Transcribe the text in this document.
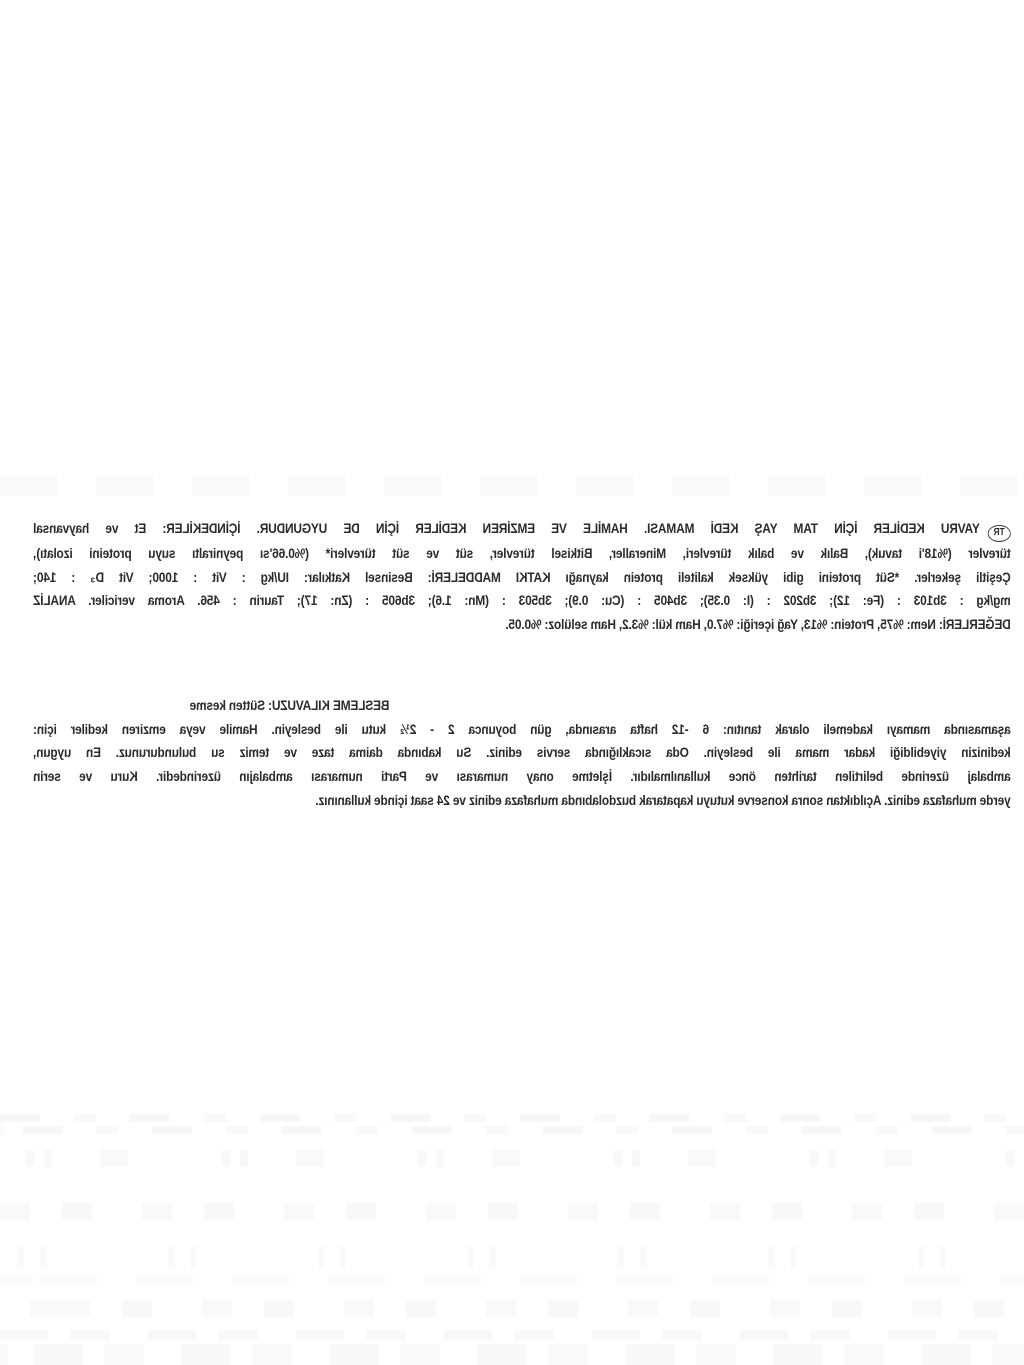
TRYAVRU KEDİLER İÇİN TAM YAŞ KEDİ MAMASI. HAMİLE VE EMZİREN KEDİLER İÇİN DE UYGUNDUR. İÇİNDEKİLER: Et ve hayvansal
türevler (%18'i tavuk), Balık ve balık türevleri, Mineraller, Bitkisel türevler, süt ve süt türevleri* (%0.66'sı peyniraltı suyu proteini izolatı),
Çeşitli şekerler. *Süt proteini gibi yüksek kaliteli protein kaynağı KATKI MADDELERİ: Besinsel Katkılar: IU/kg : Vit : 1000; Vit D₃ : 140;
mg/kg : 3b103 : (Fe: 12); 3b202 : (I: 0.35); 3b405 : (Cu: 0.9); 3b503 : (Mn: 1.6); 3b605 : (Zn: 17); Taurin : 456. Aroma vericiler. ANALİZ
DEĞERLERİ: Nem: %75, Protein: %13, Yağ içeriği: %7.0, Ham kül: %3.2, Ham selüloz: %0.05.
BESLEME KILAVUZU: Sütten kesme
aşamasında mamayı kademeli olarak tanıtın: 6 -12 hafta arasında, gün boyunca 2 - 2½ kutu ile besleyin. Hamile veya emziren kediler için:
kedinizin yiyebildiği kadar mama ile besleyin. Oda sıcaklığında servis ediniz. Su kabında daima taze ve temiz su bulundurunuz. En uygun,
ambalaj üzerinde belirtilen tarihten önce kullanılmalıdır. İşletme onay numarası ve Parti numarası ambalajın üzerindedir. Kuru ve serin
yerde muhafaza ediniz. Açıldıktan sonra konserve kutuyu kapatarak buzdolabında muhafaza ediniz ve 24 saat içinde kullanınız.
